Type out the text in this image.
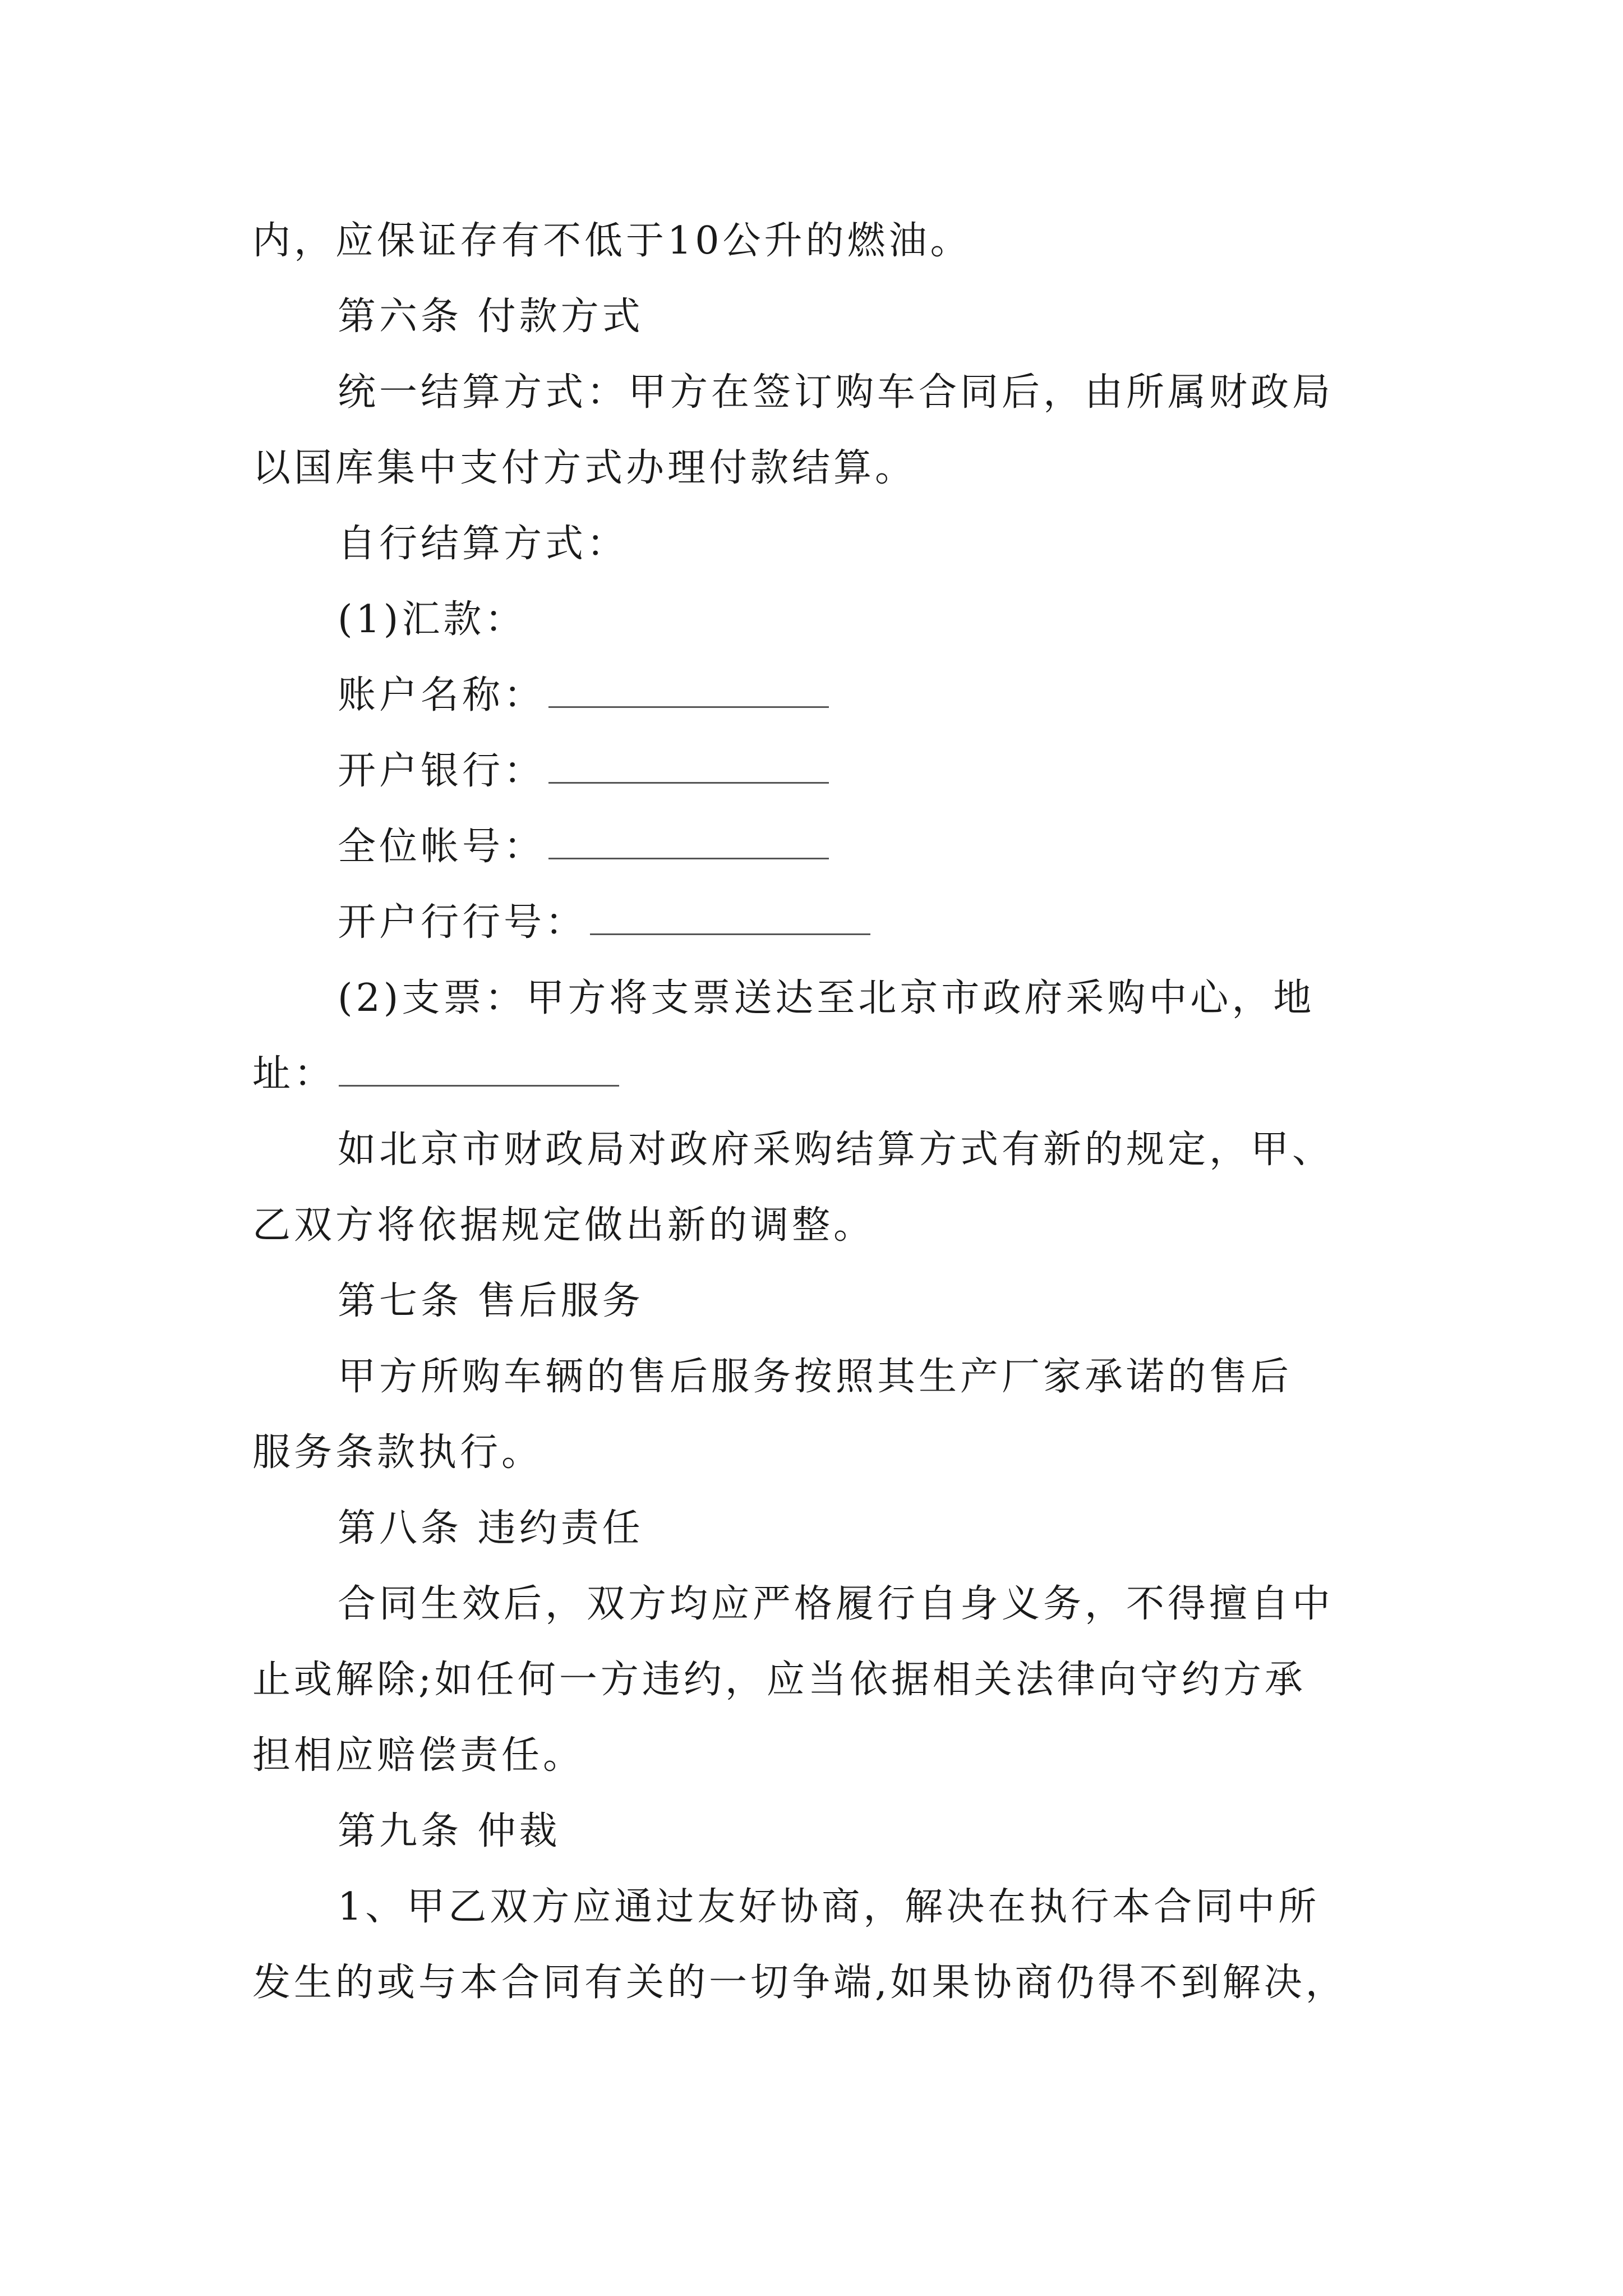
内，应保证存有不低于10公升的燃油。
第六条 付款方式
统一结算方式：甲方在签订购车合同后，由所属财政局
以国库集中支付方式办理付款结算。
自行结算方式：
(1)汇款：
账户名称：
开户银行：
全位帐号：
开户行行号：
(2)支票：甲方将支票送达至北京市政府采购中心，地
址：
如北京市财政局对政府采购结算方式有新的规定，甲、
乙双方将依据规定做出新的调整。
第七条 售后服务
甲方所购车辆的售后服务按照其生产厂家承诺的售后
服务条款执行。
第八条 违约责任
合同生效后，双方均应严格履行自身义务，不得擅自中
止或解除;如任何一方违约，应当依据相关法律向守约方承
担相应赔偿责任。
第九条 仲裁
1、甲乙双方应通过友好协商，解决在执行本合同中所
发生的或与本合同有关的一切争端,如果协商仍得不到解决，
